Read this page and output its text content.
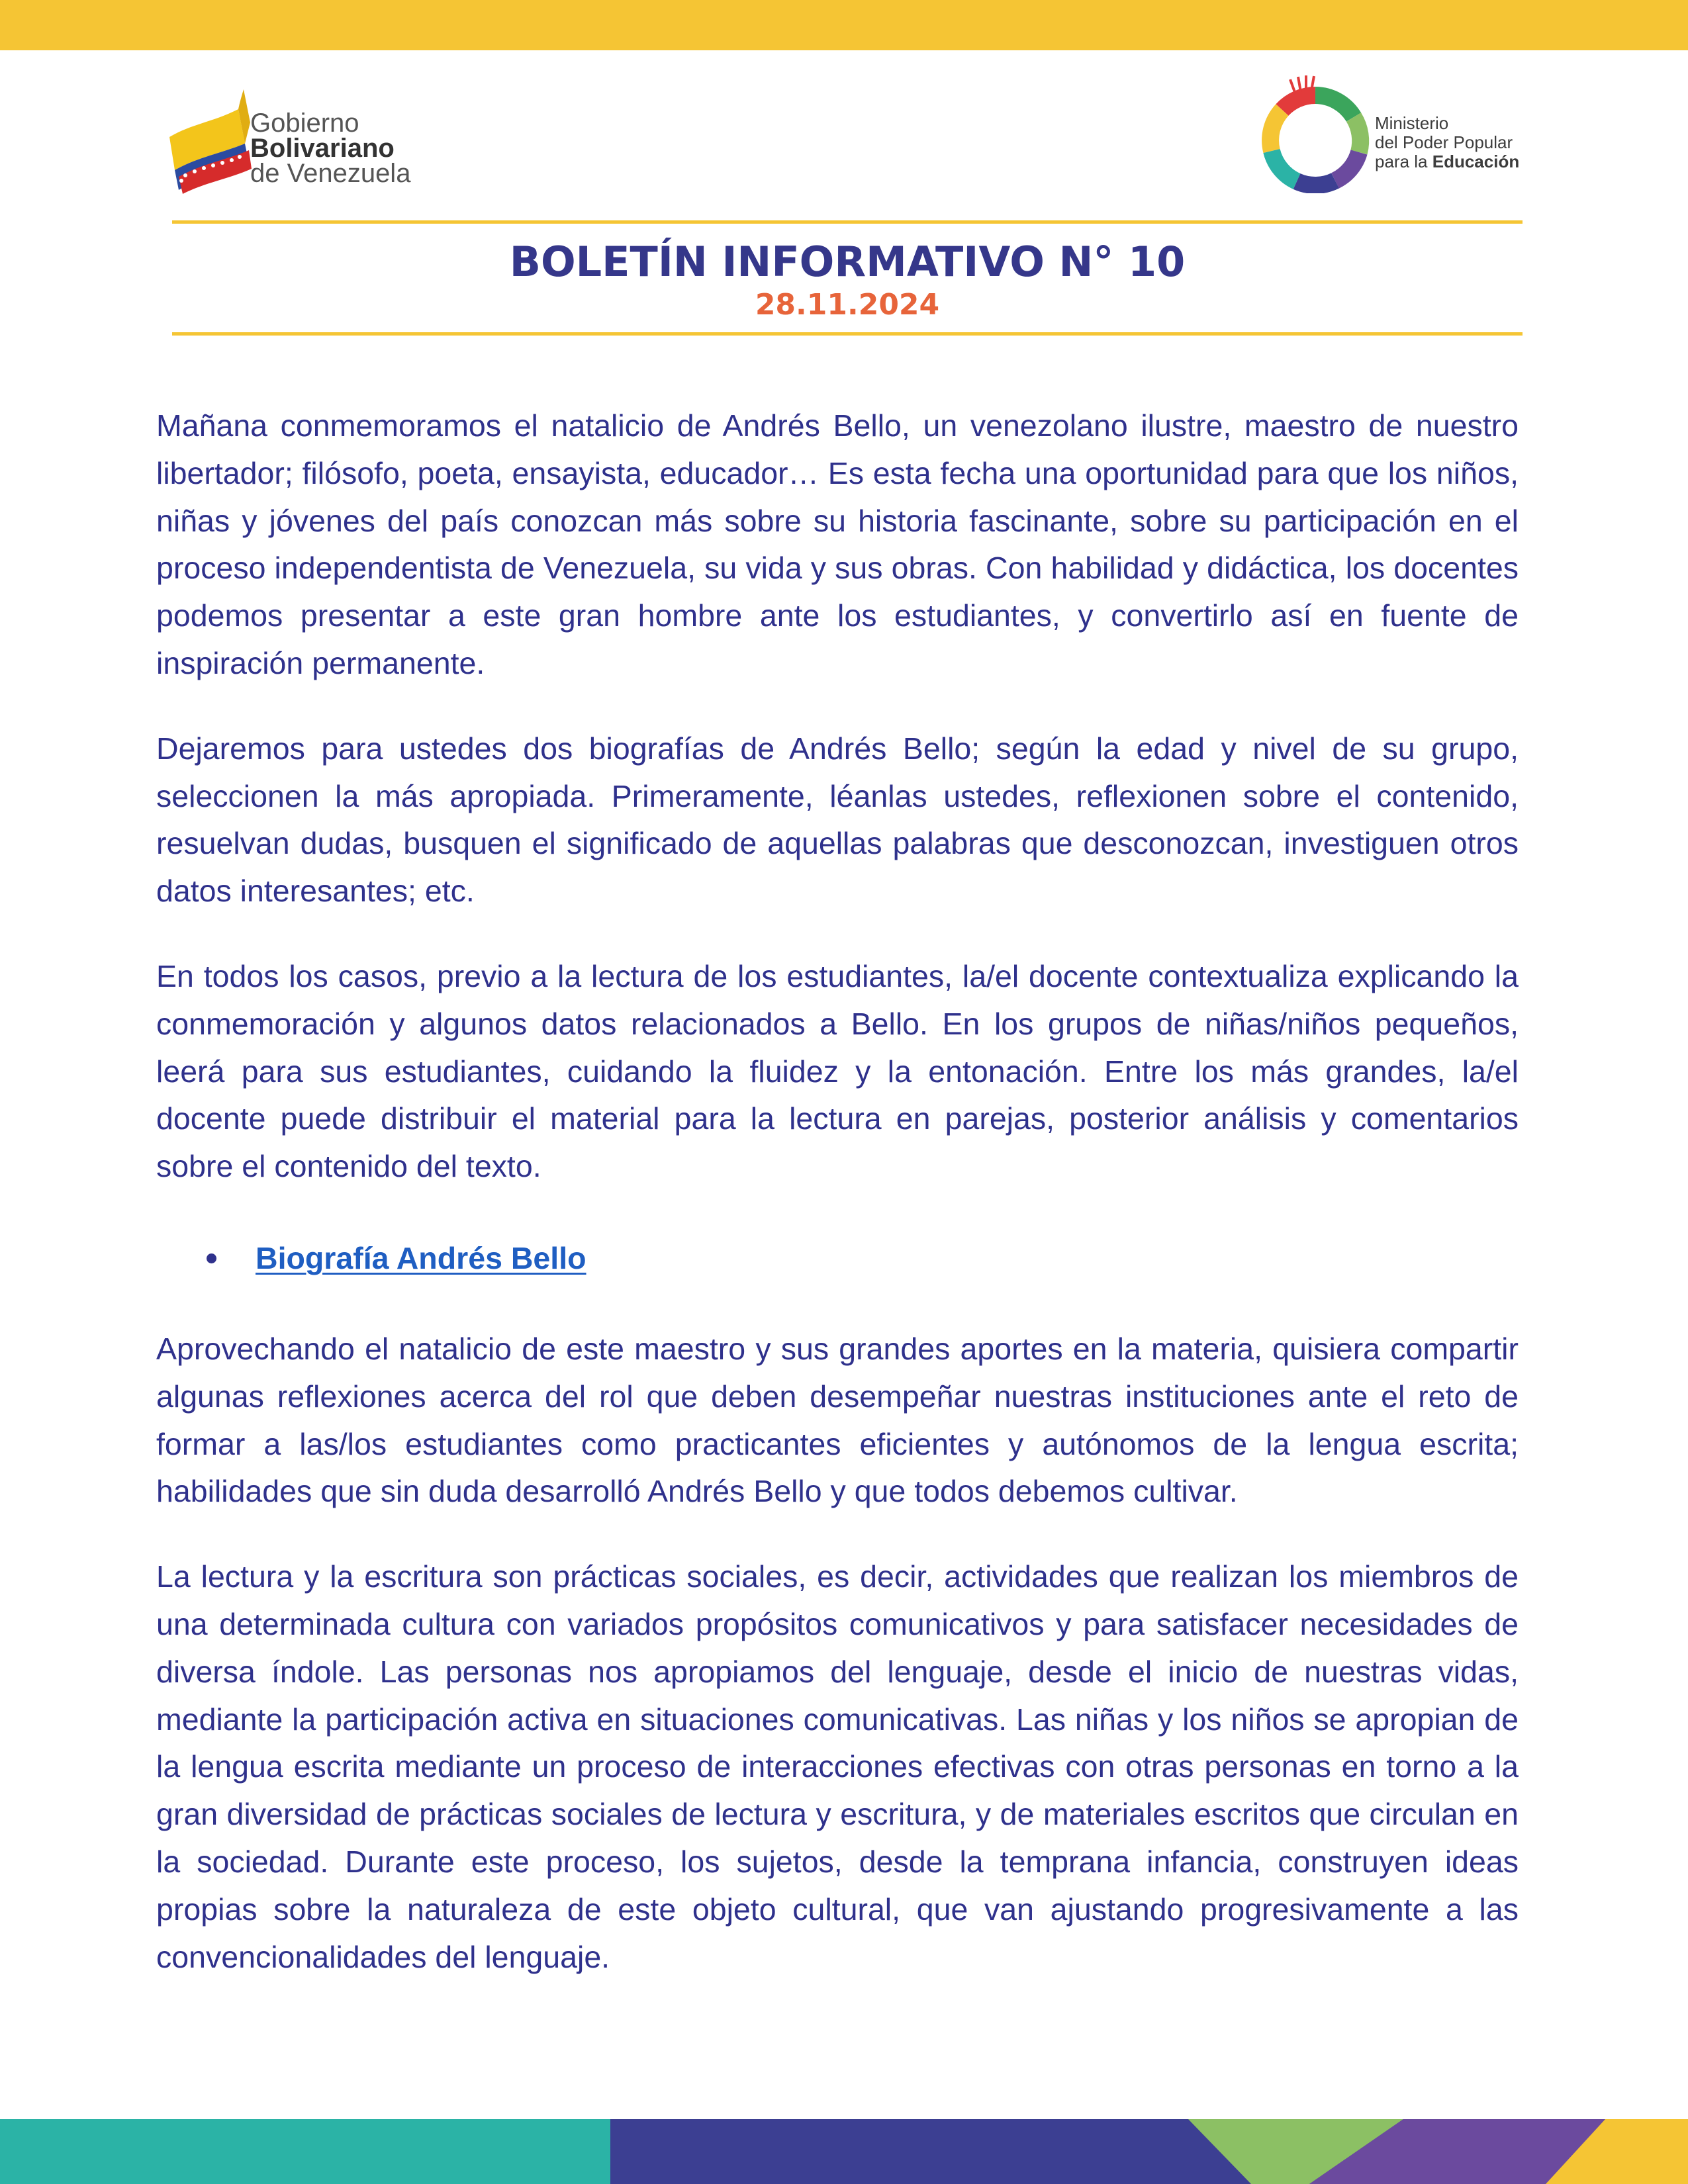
Gobierno
Bolivariano
de Venezuela
Ministerio
del Poder Popular
para la Educación
BOLETÍN INFORMATIVO N° 10
28.11.2024

Mañana conmemoramos el natalicio de Andrés Bello, un venezolano ilustre, maestro de nuestro libertador; filósofo, poeta, ensayista, educador… Es esta fecha una oportunidad para que los niños, niñas y jóvenes del país conozcan más sobre su historia fascinante, sobre su participación en el proceso independentista de Venezuela, su vida y sus obras. Con habilidad y didáctica, los docentes podemos presentar a este gran hombre ante los estudiantes, y convertirlo así en fuente de inspiración permanente.

Dejaremos para ustedes dos biografías de Andrés Bello; según la edad y nivel de su grupo, seleccionen la más apropiada. Primeramente, léanlas ustedes, reflexionen sobre el contenido, resuelvan dudas, busquen el significado de aquellas palabras que desconozcan, investiguen otros datos interesantes; etc.

En todos los casos, previo a la lectura de los estudiantes, la/el docente contextualiza explicando la conmemoración y algunos datos relacionados a Bello. En los grupos de niñas/niños pequeños, leerá para sus estudiantes, cuidando la fluidez y la entonación. Entre los más grandes, la/el docente puede distribuir el material para la lectura en parejas, posterior análisis y comentarios sobre el contenido del texto.

Biografía Andrés Bello

Aprovechando el natalicio de este maestro y sus grandes aportes en la materia, quisiera compartir algunas reflexiones acerca del rol que deben desempeñar nuestras instituciones ante el reto de formar a las/los estudiantes como practicantes eficientes y autónomos de la lengua escrita; habilidades que sin duda desarrolló Andrés Bello y que todos debemos cultivar.

La lectura y la escritura son prácticas sociales, es decir, actividades que realizan los miembros de una determinada cultura con variados propósitos comunicativos y para satisfacer necesidades de diversa índole. Las personas nos apropiamos del lenguaje, desde el inicio de nuestras vidas, mediante la participación activa en situaciones comunicativas. Las niñas y los niños se apropian de la lengua escrita mediante un proceso de interacciones efectivas con otras personas en torno a la gran diversidad de prácticas sociales de lectura y escritura, y de materiales escritos que circulan en la sociedad. Durante este proceso, los sujetos, desde la temprana infancia, construyen ideas propias sobre la naturaleza de este objeto cultural, que van ajustando progresivamente a las convencionalidades del lenguaje.
